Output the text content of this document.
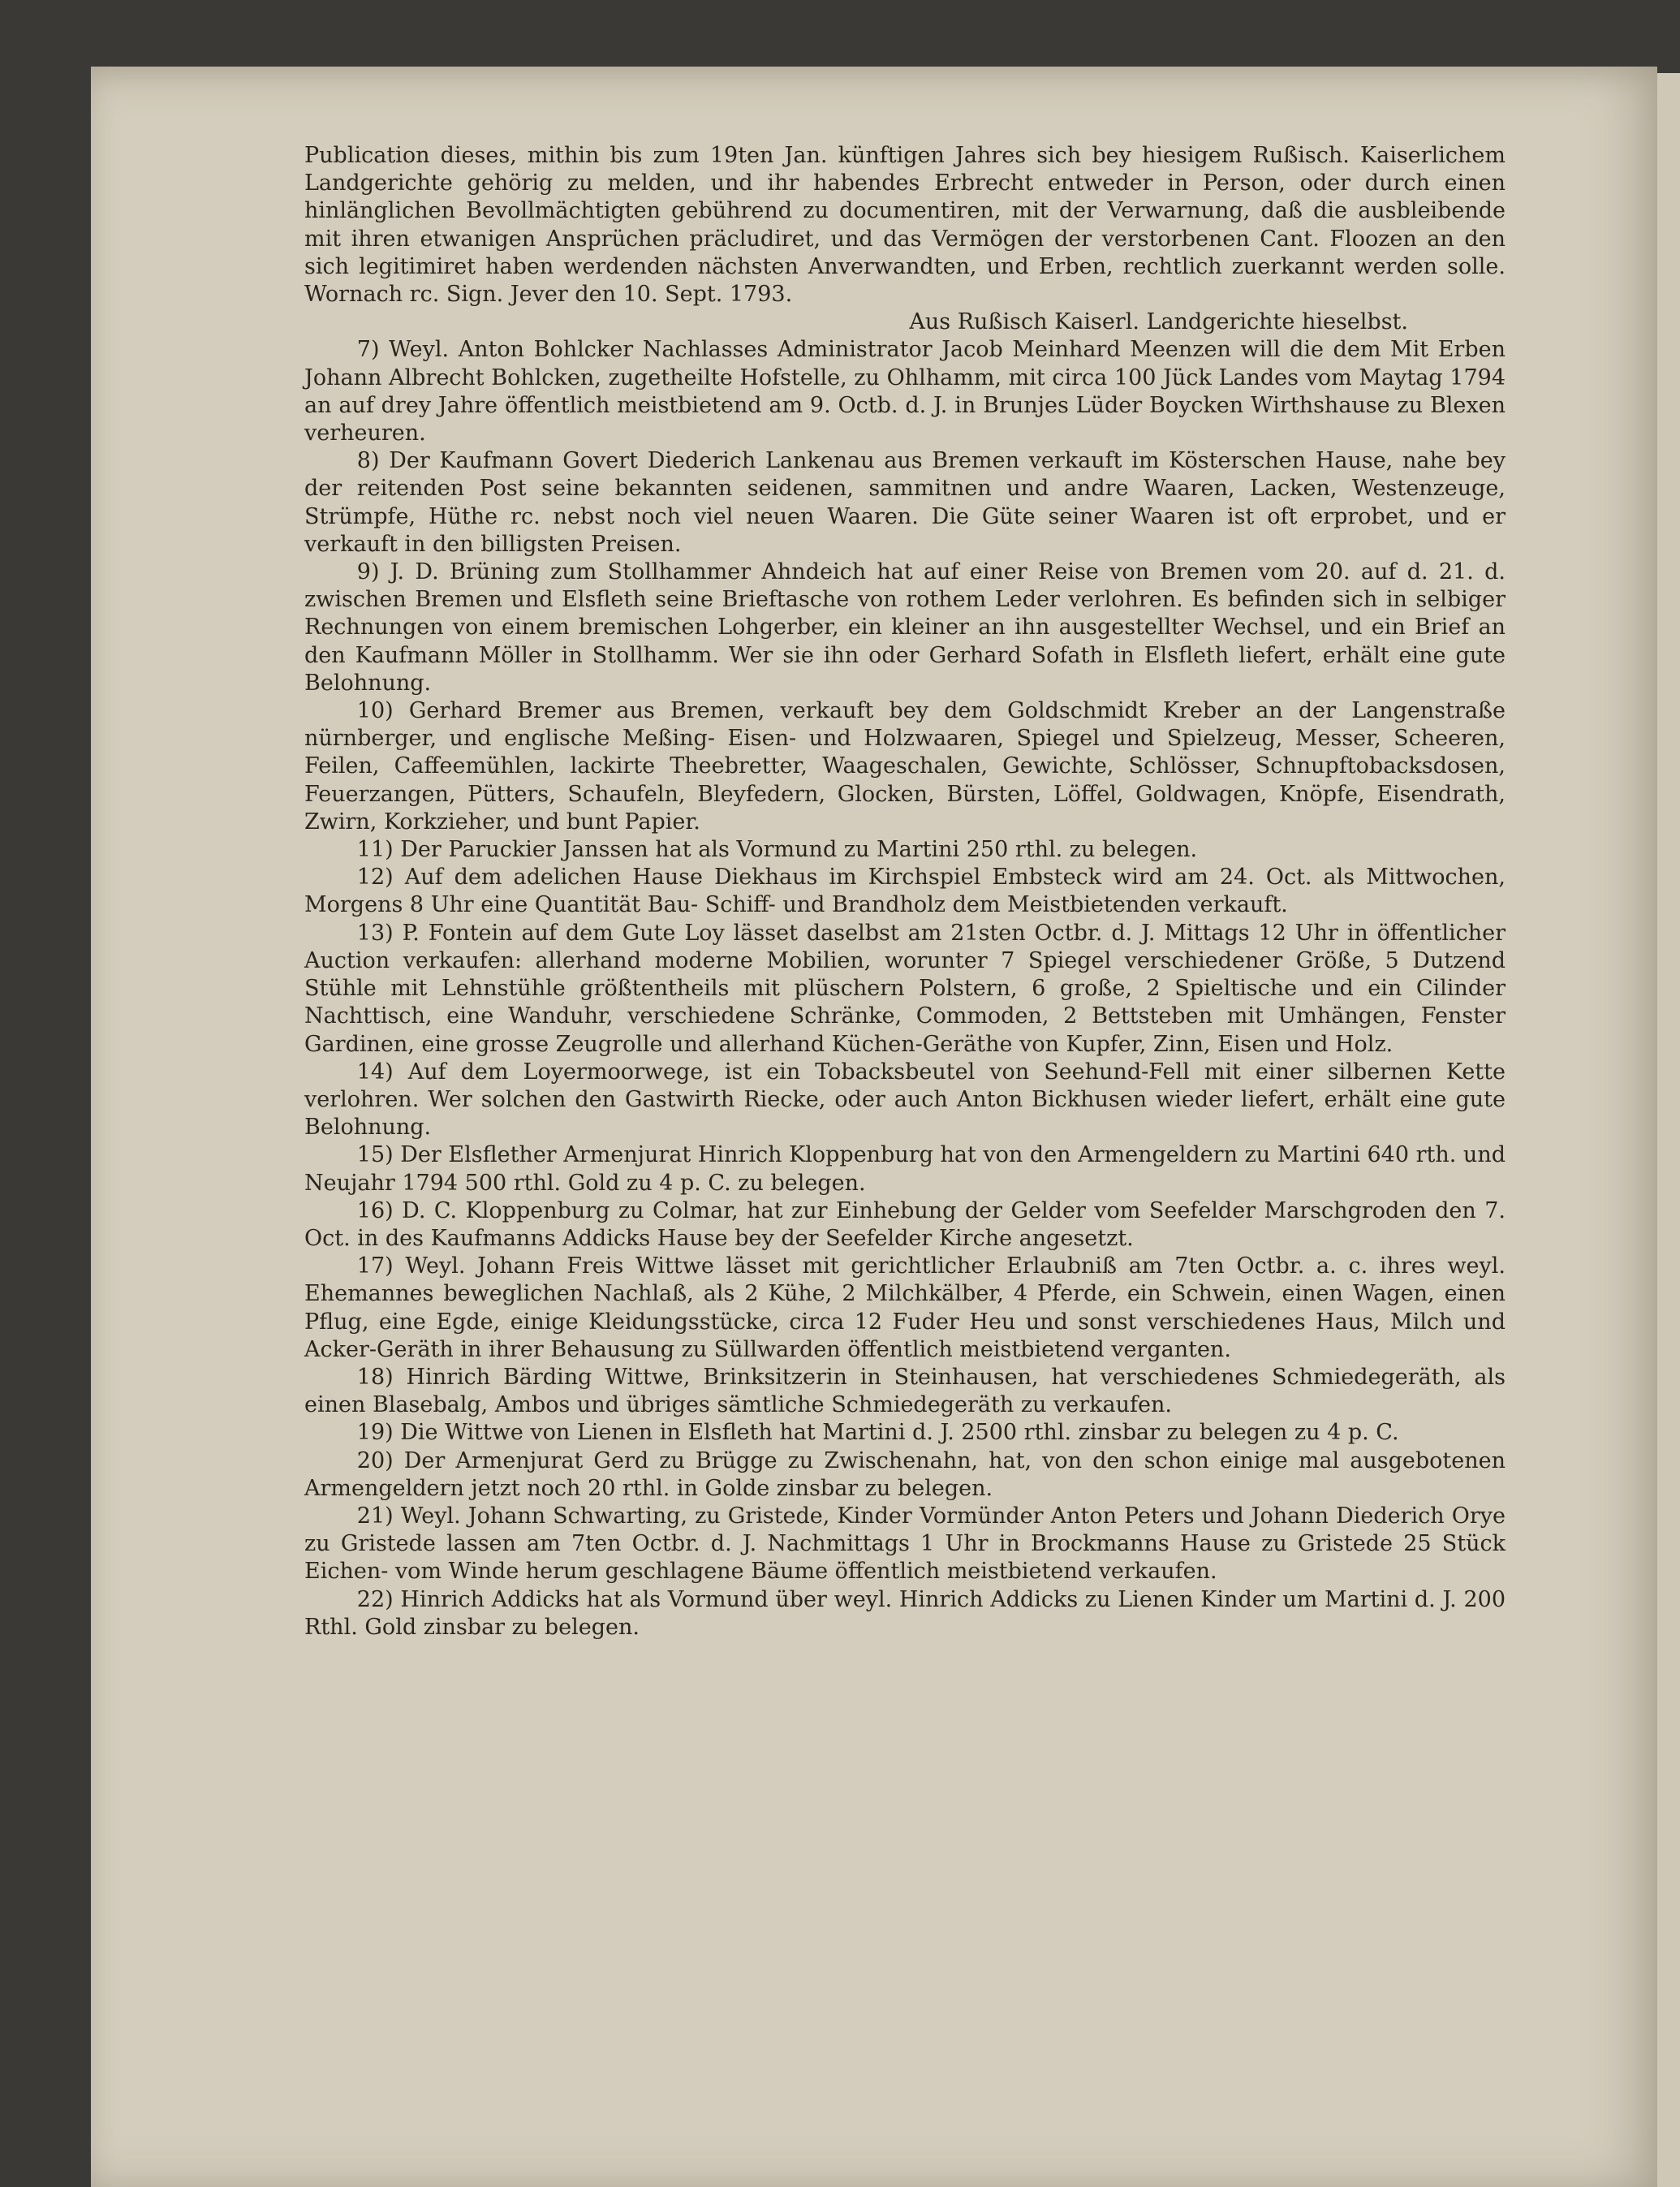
Publication dieses, mithin bis zum 19ten Jan. künftigen Jahres sich bey hiesigem Rußisch. Kaiserlichem Landgerichte gehörig zu melden, und ihr habendes Erbrecht entweder in Person, oder durch einen hinlänglichen Bevollmächtigten gebührend zu documentiren, mit der Verwarnung, daß die ausbleibende mit ihren etwanigen Ansprüchen präcludiret, und das Vermögen der verstorbenen Cant. Floozen an den sich legitimiret haben werdenden nächsten Anverwandten, und Erben, rechtlich zuerkannt werden solle. Wornach rc. Sign. Jever den 10. Sept. 1793.

Aus Rußisch Kaiserl. Landgerichte hieselbst.

7) Weyl. Anton Bohlcker Nachlasses Administrator Jacob Meinhard Meenzen will die dem Mit Erben Johann Albrecht Bohlcken, zugetheilte Hofstelle, zu Ohlhamm, mit circa 100 Jück Landes vom Maytag 1794 an auf drey Jahre öffentlich meistbietend am 9. Octb. d. J. in Brunjes Lüder Boycken Wirthshause zu Blexen verheuren.

8) Der Kaufmann Govert Diederich Lankenau aus Bremen verkauft im Kösterschen Hause, nahe bey der reitenden Post seine bekannten seidenen, sammitnen und andre Waaren, Lacken, Westenzeuge, Strümpfe, Hüthe rc. nebst noch viel neuen Waaren. Die Güte seiner Waaren ist oft erprobet, und er verkauft in den billigsten Preisen.

9) J. D. Brüning zum Stollhammer Ahndeich hat auf einer Reise von Bremen vom 20. auf d. 21. d. zwischen Bremen und Elsfleth seine Brieftasche von rothem Leder verlohren. Es befinden sich in selbiger Rechnungen von einem bremischen Lohgerber, ein kleiner an ihn ausgestellter Wechsel, und ein Brief an den Kaufmann Möller in Stollhamm. Wer sie ihn oder Gerhard Sofath in Elsfleth liefert, erhält eine gute Belohnung.

10) Gerhard Bremer aus Bremen, verkauft bey dem Goldschmidt Kreber an der Langenstraße nürnberger, und englische Meßing- Eisen- und Holzwaaren, Spiegel und Spielzeug, Messer, Scheeren, Feilen, Caffeemühlen, lackirte Theebretter, Waageschalen, Gewichte, Schlösser, Schnupftobacksdosen, Feuerzangen, Pütters, Schaufeln, Bleyfedern, Glocken, Bürsten, Löffel, Goldwagen, Knöpfe, Eisendrath, Zwirn, Korkzieher, und bunt Papier.

11) Der Paruckier Janssen hat als Vormund zu Martini 250 rthl. zu belegen.

12) Auf dem adelichen Hause Diekhaus im Kirchspiel Embsteck wird am 24. Oct. als Mittwochen, Morgens 8 Uhr eine Quantität Bau- Schiff- und Brandholz dem Meistbietenden verkauft.

13) P. Fontein auf dem Gute Loy lässet daselbst am 21sten Octbr. d. J. Mittags 12 Uhr in öffentlicher Auction verkaufen: allerhand moderne Mobilien, worunter 7 Spiegel verschiedener Größe, 5 Dutzend Stühle mit Lehnstühle größtentheils mit plüschern Polstern, 6 große, 2 Spieltische und ein Cilinder Nachttisch, eine Wanduhr, verschiedene Schränke, Commoden, 2 Bettsteben mit Umhängen, Fenster Gardinen, eine grosse Zeugrolle und allerhand Küchen-Geräthe von Kupfer, Zinn, Eisen und Holz.

14) Auf dem Loyermoorwege, ist ein Tobacksbeutel von Seehund-Fell mit einer silbernen Kette verlohren. Wer solchen den Gastwirth Riecke, oder auch Anton Bickhusen wieder liefert, erhält eine gute Belohnung.

15) Der Elsflether Armenjurat Hinrich Kloppenburg hat von den Armengeldern zu Martini 640 rth. und Neujahr 1794 500 rthl. Gold zu 4 p. C. zu belegen.

16) D. C. Kloppenburg zu Colmar, hat zur Einhebung der Gelder vom Seefelder Marschgroden den 7. Oct. in des Kaufmanns Addicks Hause bey der Seefelder Kirche angesetzt.

17) Weyl. Johann Freis Wittwe lässet mit gerichtlicher Erlaubniß am 7ten Octbr. a. c. ihres weyl. Ehemannes beweglichen Nachlaß, als 2 Kühe, 2 Milchkälber, 4 Pferde, ein Schwein, einen Wagen, einen Pflug, eine Egde, einige Kleidungsstücke, circa 12 Fuder Heu und sonst verschiedenes Haus, Milch und Acker-Geräth in ihrer Behausung zu Süllwarden öffentlich meistbietend verganten.

18) Hinrich Bärding Wittwe, Brinksitzerin in Steinhausen, hat verschiedenes Schmiedegeräth, als einen Blasebalg, Ambos und übriges sämtliche Schmiedegeräth zu verkaufen.

19) Die Wittwe von Lienen in Elsfleth hat Martini d. J. 2500 rthl. zinsbar zu belegen zu 4 p. C.

20) Der Armenjurat Gerd zu Brügge zu Zwischenahn, hat, von den schon einige mal ausgebotenen Armengeldern jetzt noch 20 rthl. in Golde zinsbar zu belegen.

21) Weyl. Johann Schwarting, zu Gristede, Kinder Vormünder Anton Peters und Johann Diederich Orye zu Gristede lassen am 7ten Octbr. d. J. Nachmittags 1 Uhr in Brockmanns Hause zu Gristede 25 Stück Eichen- vom Winde herum geschlagene Bäume öffentlich meistbietend verkaufen.

22) Hinrich Addicks hat als Vormund über weyl. Hinrich Addicks zu Lienen Kinder um Martini d. J. 200 Rthl. Gold zinsbar zu belegen.
